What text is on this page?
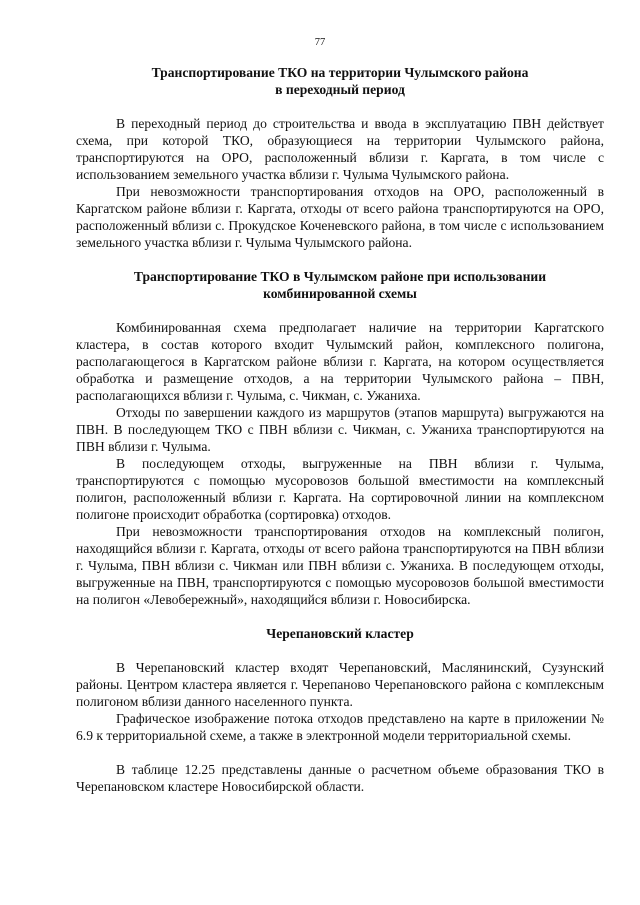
77
Транспортирование ТКО на территории Чулымского района
в переходный период

В переходный период до строительства и ввода в эксплуатацию ПВН действует схема, при которой ТКО, образующиеся на территории Чулымского района, транспортируются на ОРО, расположенный вблизи г. Каргата, в том числе с использованием земельного участка вблизи г. Чулыма Чулымского района.

При невозможности транспортирования отходов на ОРО, расположенный в Каргатском районе вблизи г. Каргата, отходы от всего района транспортируются на ОРО, расположенный вблизи с. Прокудское Коченевского района, в том числе с использованием земельного участка вблизи г. Чулыма Чулымского района.

Транспортирование ТКО в Чулымском районе при использовании
комбинированной схемы

Комбинированная схема предполагает наличие на территории Каргатского кластера, в состав которого входит Чулымский район, комплексного полигона, располагающегося в Каргатском районе вблизи г. Каргата, на котором осуществляется обработка и размещение отходов, а на территории Чулымского района – ПВН, располагающихся вблизи г. Чулыма, с. Чикман, с. Ужаниха.

Отходы по завершении каждого из маршрутов (этапов маршрута) выгружаются на ПВН. В последующем ТКО с ПВН вблизи с. Чикман, с. Ужаниха транспортируются на ПВН вблизи г. Чулыма.

В последующем отходы, выгруженные на ПВН вблизи г. Чулыма, транспортируются с помощью мусоровозов большой вместимости на комплексный полигон, расположенный вблизи г. Каргата. На сортировочной линии на комплексном полигоне происходит обработка (сортировка) отходов.

При невозможности транспортирования отходов на комплексный полигон, находящийся вблизи г. Каргата, отходы от всего района транспортируются на ПВН вблизи г. Чулыма, ПВН вблизи с. Чикман или ПВН вблизи с. Ужаниха. В последующем отходы, выгруженные на ПВН, транспортируются с помощью мусоровозов большой вместимости на полигон «Левобережный», находящийся вблизи г. Новосибирска.

Черепановский кластер

В Черепановский кластер входят Черепановский, Маслянинский, Сузунский районы. Центром кластера является г. Черепаново Черепановского района с комплексным полигоном вблизи данного населенного пункта.

Графическое изображение потока отходов представлено на карте в приложении № 6.9 к территориальной схеме, а также в электронной модели территориальной схемы.

В таблице 12.25 представлены данные о расчетном объеме образования ТКО в Черепановском кластере Новосибирской области.
